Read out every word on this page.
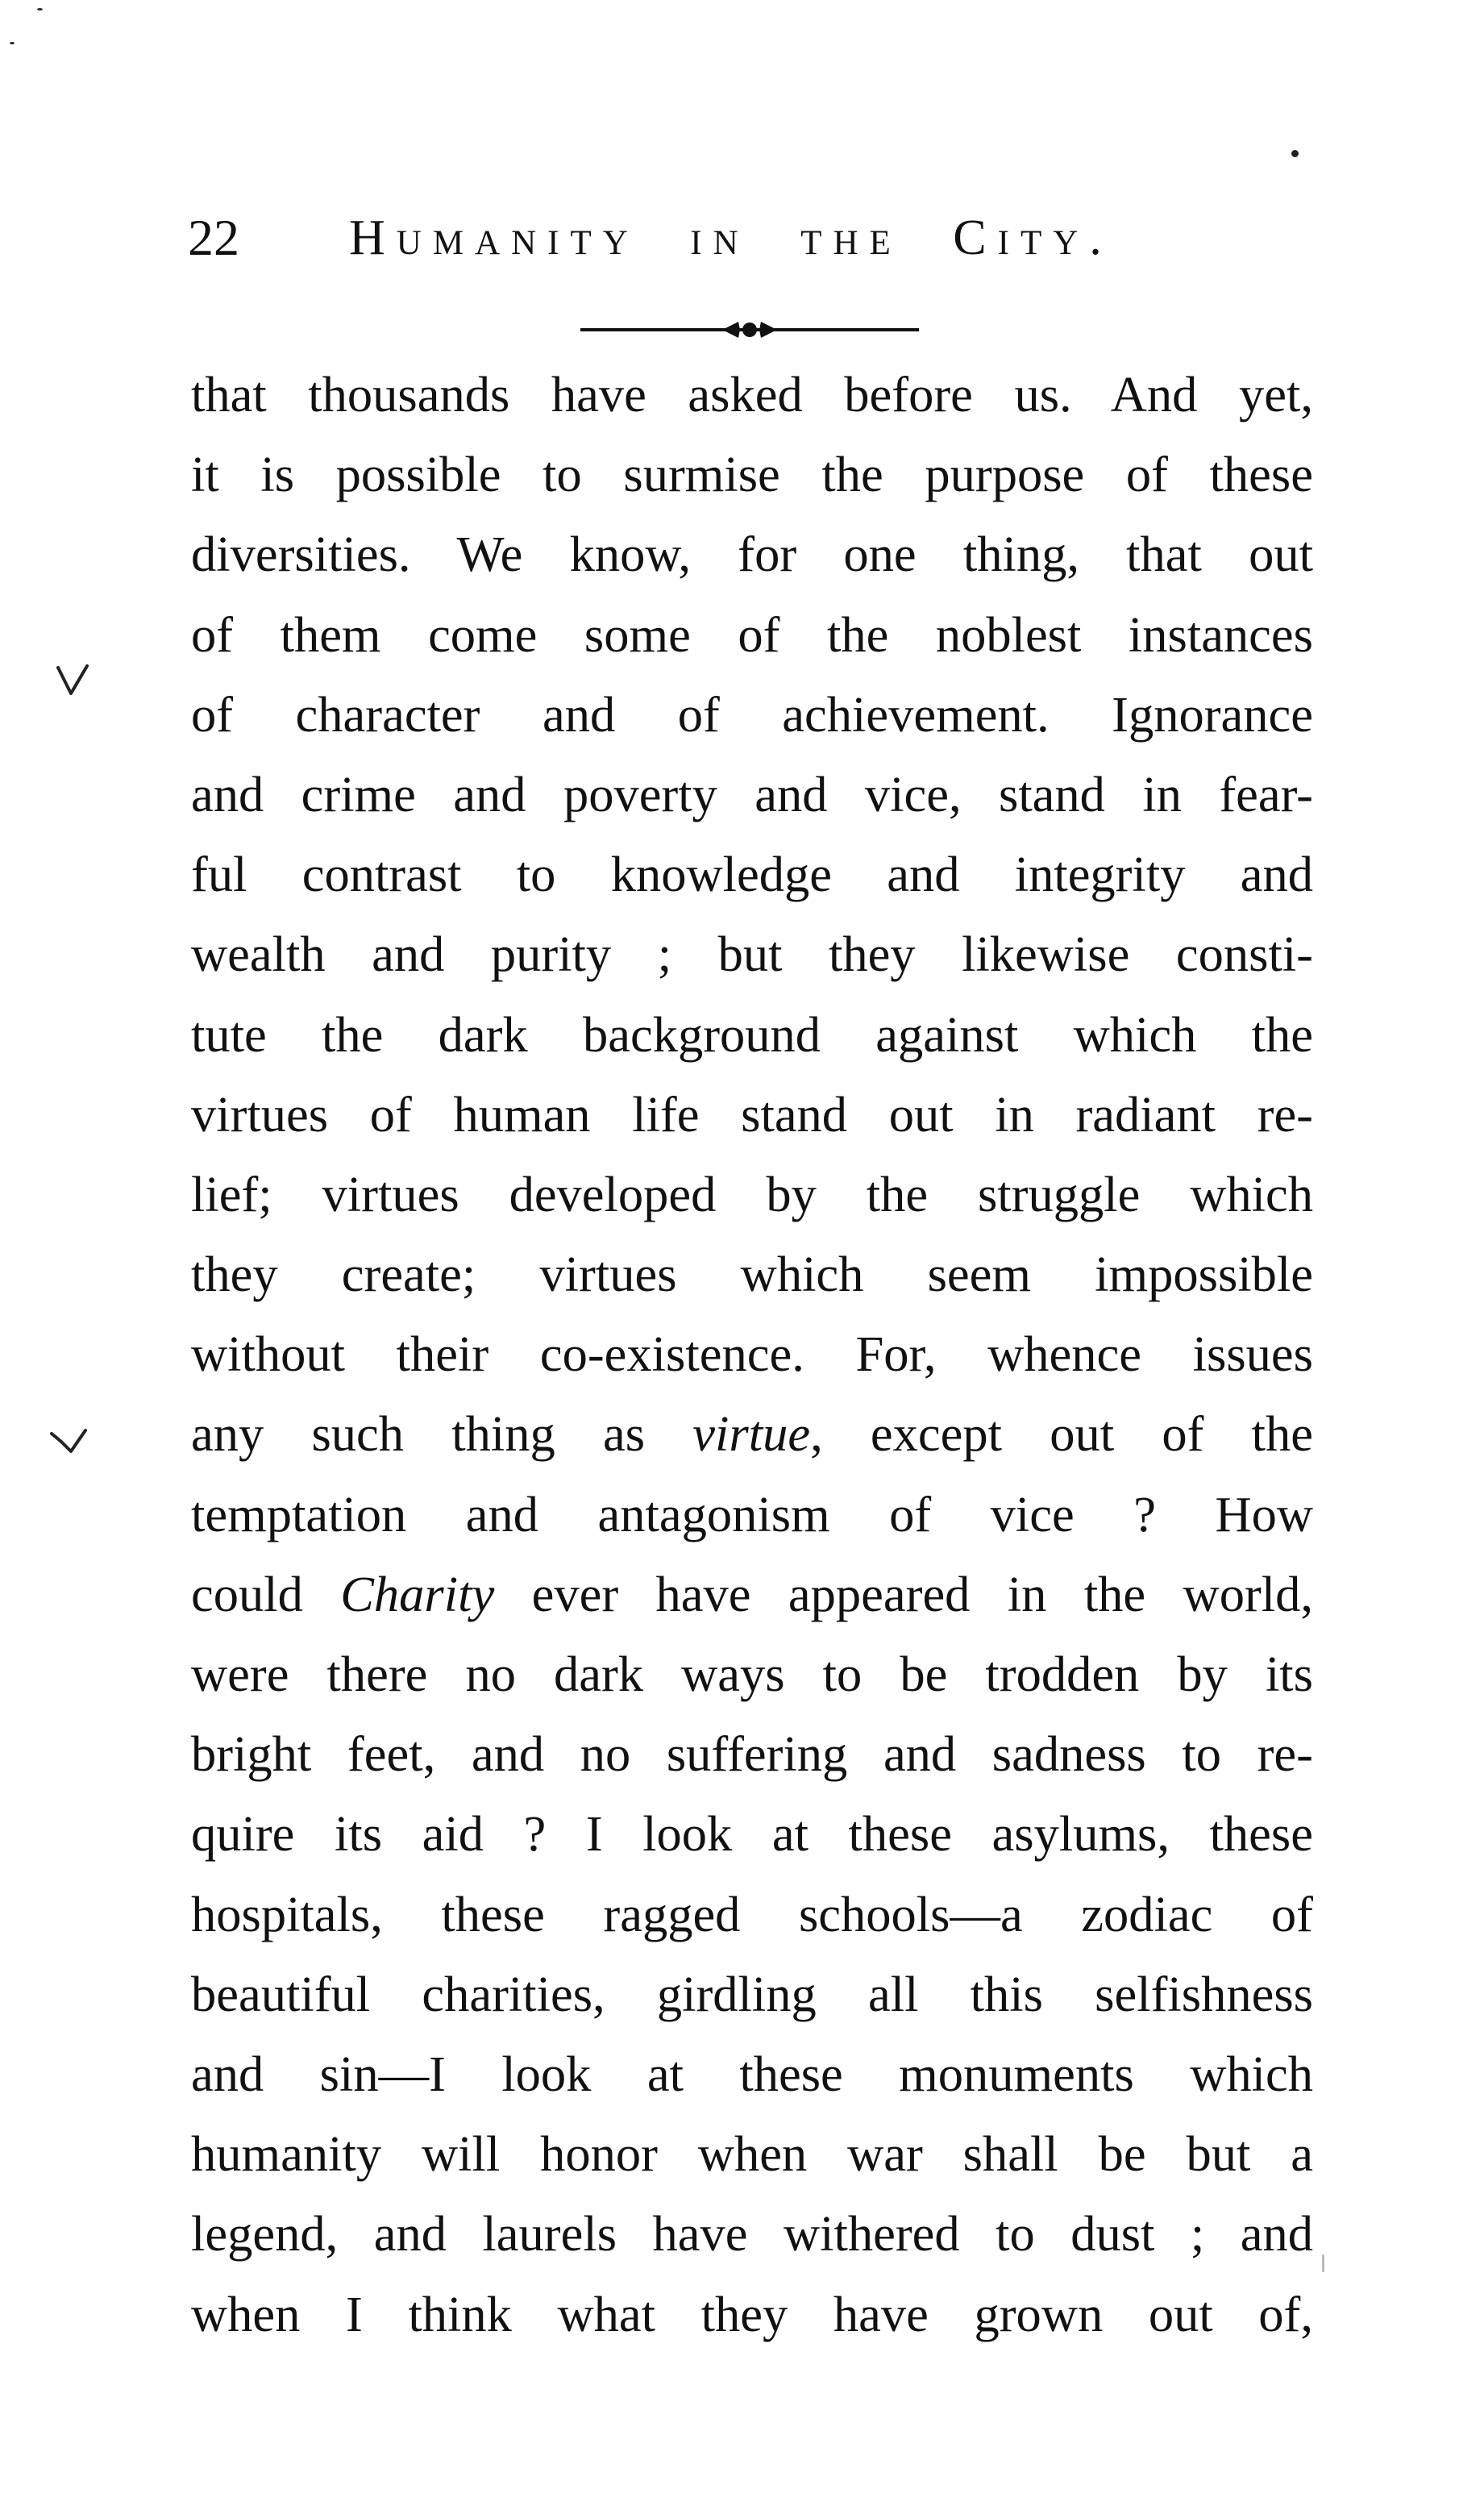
22 Humanity in the City.
that thousands have asked before us. And yet,
it is possible to surmise the purpose of these
diversities. We know, for one thing, that out
of them come some of the noblest instances
of character and of achievement. Ignorance
and crime and poverty and vice, stand in fear-
ful contrast to knowledge and integrity and
wealth and purity ; but they likewise consti-
tute the dark background against which the
virtues of human life stand out in radiant re-
lief; virtues developed by the struggle which
they create; virtues which seem impossible
without their co-existence. For, whence issues
any such thing as virtue, except out of the
temptation and antagonism of vice ? How
could Charity ever have appeared in the world,
were there no dark ways to be trodden by its
bright feet, and no suffering and sadness to re-
quire its aid ? I look at these asylums, these
hospitals, these ragged schools—a zodiac of
beautiful charities, girdling all this selfishness
and sin—I look at these monuments which
humanity will honor when war shall be but a
legend, and laurels have withered to dust ; and
when I think what they have grown out of,
